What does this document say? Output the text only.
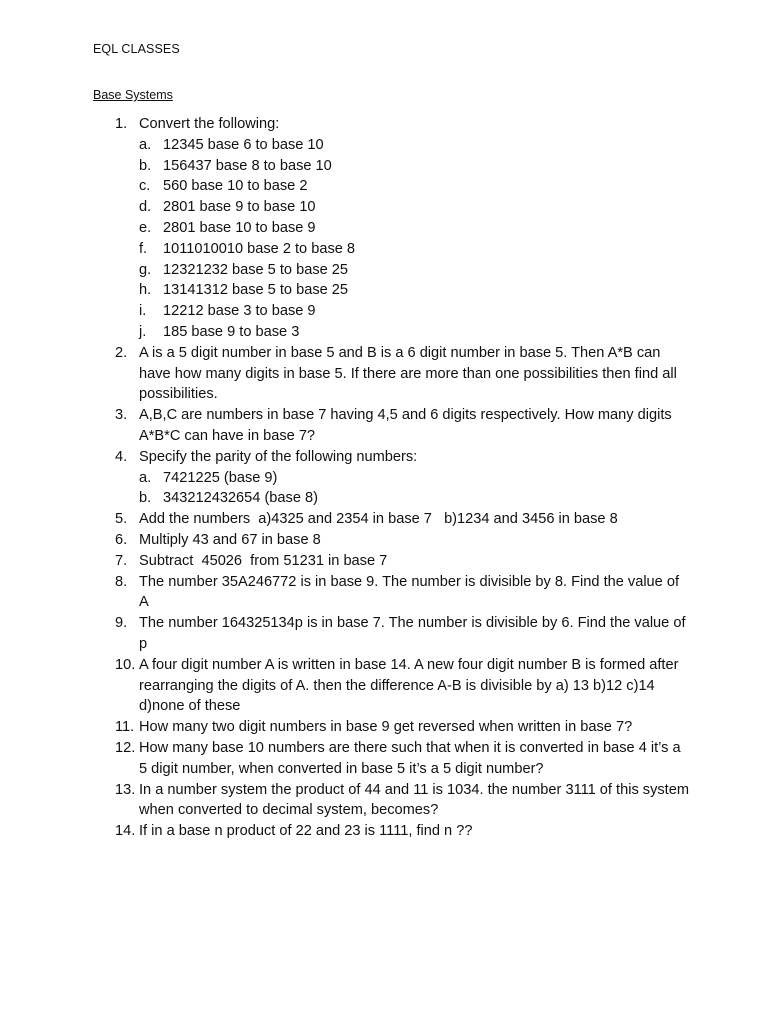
EQL CLASSES
Base Systems
1. Convert the following:
a. 12345 base 6 to base 10
b. 156437 base 8 to base 10
c. 560 base 10 to base 2
d. 2801 base 9 to base 10
e. 2801 base 10 to base 9
f.	1011010010 base 2 to base 8
g. 12321232 base 5 to base 25
h. 13141312 base 5 to base 25
i.	12212 base 3 to base 9
j.	185 base 9 to base 3
2. A is a 5 digit number in base 5 and B is a 6 digit number in base 5. Then A*B can have how many digits in base 5. If there are more than one possibilities then find all possibilities.
3. A,B,C are numbers in base 7 having 4,5 and 6 digits respectively. How many digits A*B*C can have in base 7?
4. Specify the parity of the following numbers:
a. 7421225 (base 9)
b. 343212432654 (base 8)
5. Add the numbers  a)4325 and 2354 in base 7   b)1234 and 3456 in base 8
6. Multiply 43 and 67 in base 8
7. Subtract  45026  from 51231 in base 7
8. The number 35A246772 is in base 9. The number is divisible by 8. Find the value of A
9. The number 164325134p is in base 7. The number is divisible by 6. Find the value of p
10. A four digit number A is written in base 14. A new four digit number B is formed after rearranging the digits of A. then the difference A-B is divisible by a) 13 b)12 c)14 d)none of these
11. How many two digit numbers in base 9 get reversed when written in base 7?
12. How many base 10 numbers are there such that when it is converted in base 4 it’s a 5 digit number, when converted in base 5 it’s a 5 digit number?
13. In a number system the product of 44 and 11 is 1034. the number 3111 of this system when converted to decimal system, becomes?
14. If in a base n product of 22 and 23 is 1111, find n ??
